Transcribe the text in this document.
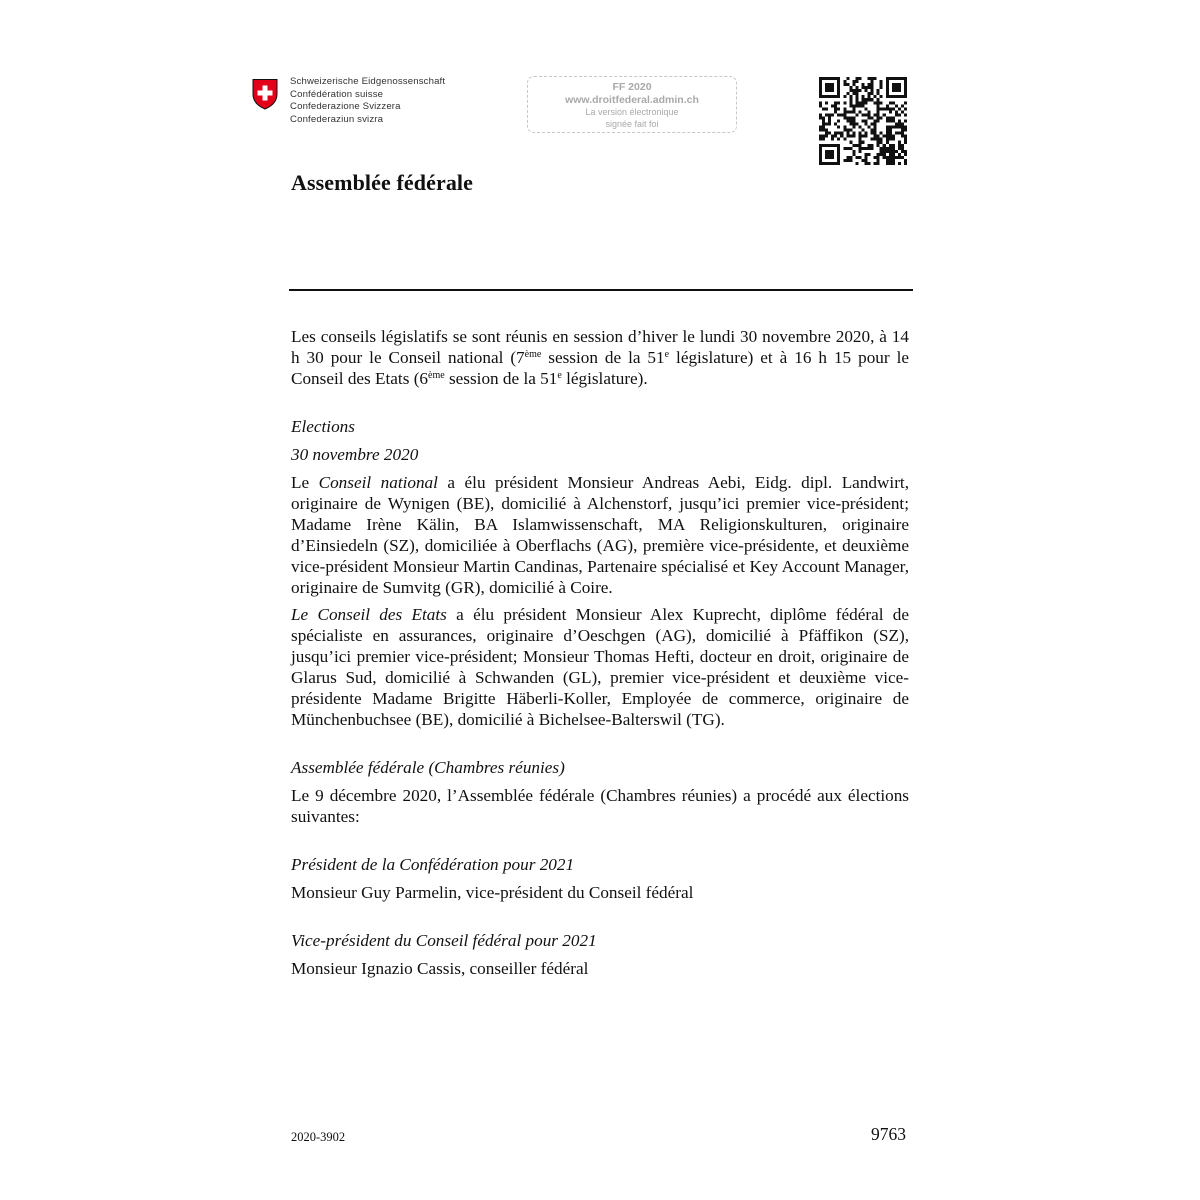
Schweizerische Eidgenossenschaft
Confédération suisse
Confederazione Svizzera
Confederaziun svizra
FF 2020
www.droitfederal.admin.ch
La version électronique
signée fait foi
Assemblée fédérale

Les conseils législatifs se sont réunis en session d’hiver le lundi 30 novembre 2020, à 14 h 30 pour le Conseil national (7ème session de la 51e législature) et à 16 h 15 pour le Conseil des Etats (6ème session de la 51e législature).

Elections

30 novembre 2020

Le Conseil national a élu président Monsieur Andreas Aebi, Eidg. dipl. Landwirt, originaire de Wynigen (BE), domicilié à Alchenstorf, jusqu’ici premier vice-président; Madame Irène Kälin, BA Islamwissenschaft, MA Religionskulturen, originaire d’Einsiedeln (SZ), domiciliée à Oberflachs (AG), première vice-présidente, et deuxième vice-président Monsieur Martin Candinas, Partenaire spécialisé et Key Account Manager, originaire de Sumvitg (GR), domicilié à Coire.

Le Conseil des Etats a élu président Monsieur Alex Kuprecht, diplôme fédéral de spécialiste en assurances, originaire d’Oeschgen (AG), domicilié à Pfäffikon (SZ), jusqu’ici premier vice-président; Monsieur Thomas Hefti, docteur en droit, originaire de Glarus Sud, domicilié à Schwanden (GL), premier vice-président et deuxième vice-présidente Madame Brigitte Häberli-Koller, Employée de commerce, originaire de Münchenbuchsee (BE), domicilié à Bichelsee-Balterswil (TG).

Assemblée fédérale (Chambres réunies)

Le 9 décembre 2020, l’Assemblée fédérale (Chambres réunies) a procédé aux élections suivantes:

Président de la Confédération pour 2021

Monsieur Guy Parmelin, vice-président du Conseil fédéral

Vice-président du Conseil fédéral pour 2021

Monsieur Ignazio Cassis, conseiller fédéral

2020-3902	9763
